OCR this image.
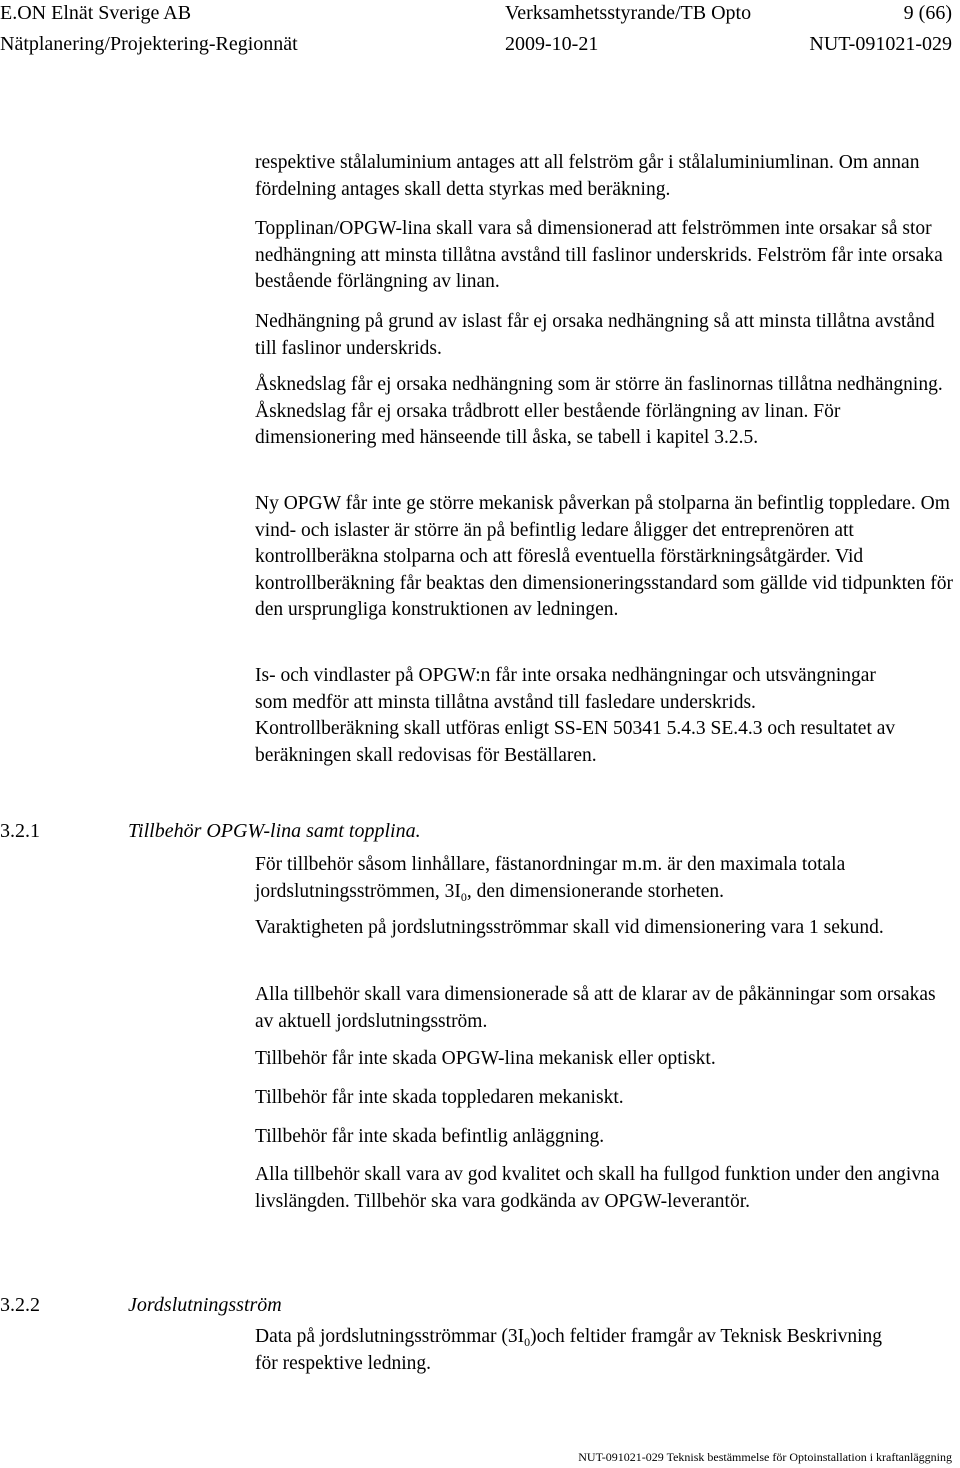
E.ON Elnät Sverige AB	Verksamhetsstyrande/TB Opto	9 (66)
Nätplanering/Projektering-Regionnät	2009-10-21	NUT-091021-029

respektive stålaluminium antages att all felström går i stålaluminiumlinan. Om annan fördelning antages skall detta styrkas med beräkning.

Topplinan/OPGW-lina skall vara så dimensionerad att felströmmen inte orsakar så stor nedhängning att minsta tillåtna avstånd till faslinor underskrids. Felström får inte orsaka bestående förlängning av linan.

Nedhängning på grund av islast får ej orsaka nedhängning så att minsta tillåtna avstånd till faslinor underskrids.

Åsknedslag får ej orsaka nedhängning som är större än faslinornas tillåtna nedhängning. Åsknedslag får ej orsaka trådbrott eller bestående förlängning av linan. För dimensionering med hänseende till åska, se tabell i kapitel 3.2.5.

Ny OPGW får inte ge större mekanisk påverkan på stolparna än befintlig toppledare. Om vind- och islaster är större än på befintlig ledare åligger det entreprenören att kontrollberäkna stolparna och att föreslå eventuella förstärkningsåtgärder. Vid kontrollberäkning får beaktas den dimensioneringsstandard som gällde vid tidpunkten för den ursprungliga konstruktionen av ledningen.

Is- och vindlaster på OPGW:n får inte orsaka nedhängningar och utsvängningar som medför att minsta tillåtna avstånd till fasledare underskrids. Kontrollberäkning skall utföras enligt SS-EN 50341 5.4.3 SE.4.3 och resultatet av beräkningen skall redovisas för Beställaren.

3.2.1	Tillbehör OPGW-lina samt topplina.

För tillbehör såsom linhållare, fästanordningar m.m. är den maximala totala jordslutningsströmmen, $3I_0$, den dimensionerande storheten.

Varaktigheten på jordslutningsströmmar skall vid dimensionering vara 1 sekund.

Alla tillbehör skall vara dimensionerade så att de klarar av de påkänningar som orsakas av aktuell jordslutningsström.

Tillbehör får inte skada OPGW-lina mekanisk eller optiskt.

Tillbehör får inte skada toppledaren mekaniskt.

Tillbehör får inte skada befintlig anläggning.

Alla tillbehör skall vara av god kvalitet och skall ha fullgod funktion under den angivna livslängden. Tillbehör ska vara godkända av OPGW-leverantör.

3.2.2	Jordslutningsström

Data på jordslutningsströmmar $(3I_0)och$ feltider framgår av Teknisk Beskrivning för respektive ledning.

NUT-091021-029 Teknisk bestämmelse för Optoinstallation i kraftanläggning
